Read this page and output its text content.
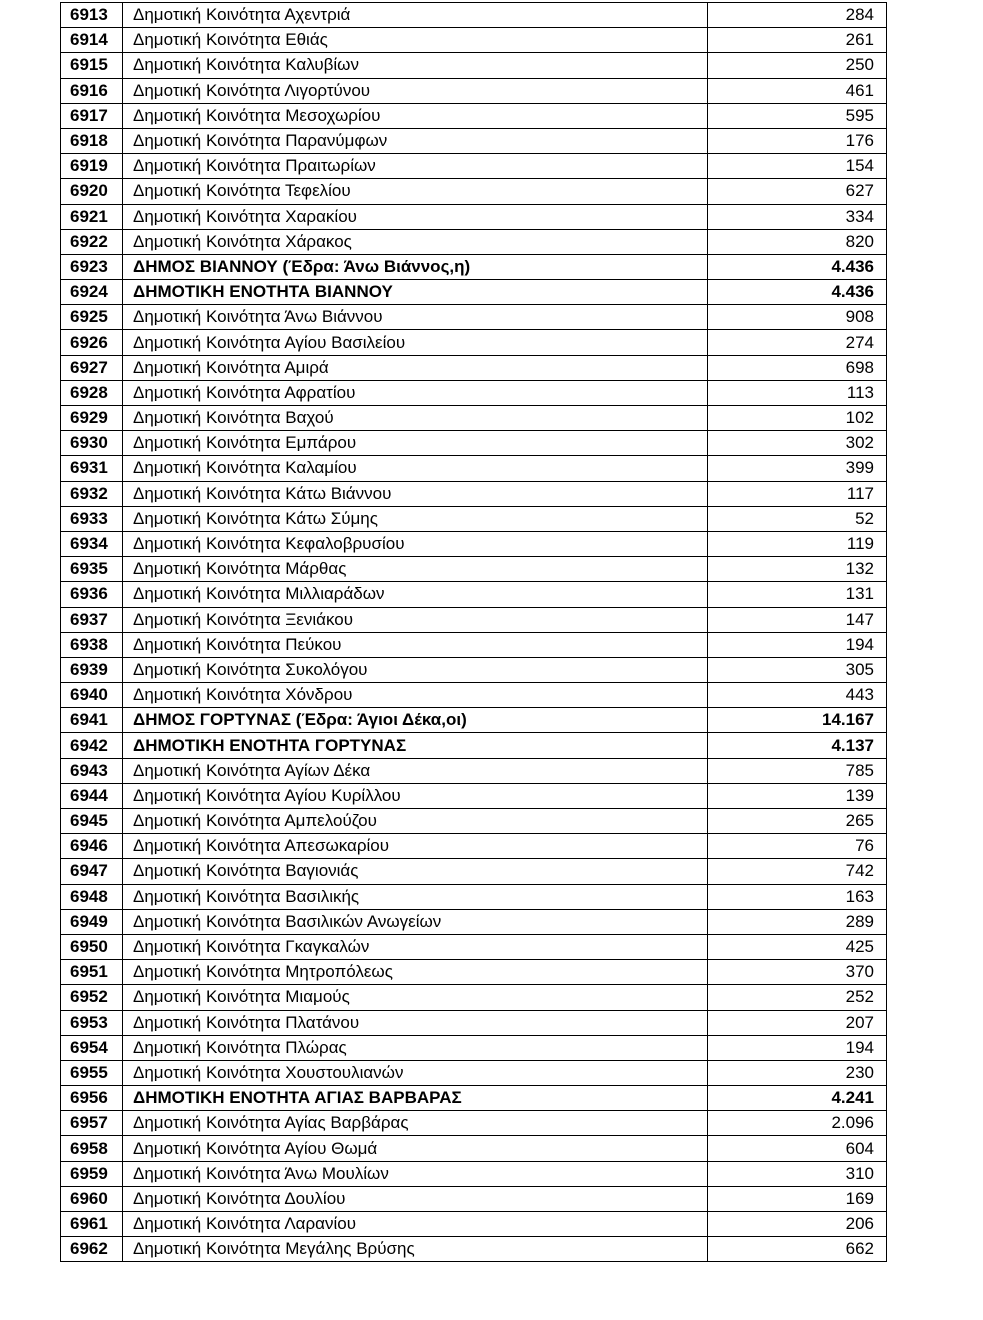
6913	Δημοτική Κοινότητα Αχεντριά	284
6914	Δημοτική Κοινότητα Εθιάς	261
6915	Δημοτική Κοινότητα Καλυβίων	250
6916	Δημοτική Κοινότητα Λιγορτύνου	461
6917	Δημοτική Κοινότητα Μεσοχωρίου	595
6918	Δημοτική Κοινότητα Παρανύμφων	176
6919	Δημοτική Κοινότητα Πραιτωρίων	154
6920	Δημοτική Κοινότητα Τεφελίου	627
6921	Δημοτική Κοινότητα Χαρακίου	334
6922	Δημοτική Κοινότητα Χάρακος	820
6923	ΔΗΜΟΣ ΒΙΑΝΝΟΥ (Έδρα: Άνω Βιάννος,η)	4.436
6924	ΔΗΜΟΤΙΚΗ ΕΝΟΤΗΤΑ ΒΙΑΝΝΟΥ	4.436
6925	Δημοτική Κοινότητα Άνω Βιάννου	908
6926	Δημοτική Κοινότητα Αγίου Βασιλείου	274
6927	Δημοτική Κοινότητα Αμιρά	698
6928	Δημοτική Κοινότητα Αφρατίου	113
6929	Δημοτική Κοινότητα Βαχού	102
6930	Δημοτική Κοινότητα Εμπάρου	302
6931	Δημοτική Κοινότητα Καλαμίου	399
6932	Δημοτική Κοινότητα Κάτω Βιάννου	117
6933	Δημοτική Κοινότητα Κάτω Σύμης	52
6934	Δημοτική Κοινότητα Κεφαλοβρυσίου	119
6935	Δημοτική Κοινότητα Μάρθας	132
6936	Δημοτική Κοινότητα Μιλλιαράδων	131
6937	Δημοτική Κοινότητα Ξενιάκου	147
6938	Δημοτική Κοινότητα Πεύκου	194
6939	Δημοτική Κοινότητα Συκολόγου	305
6940	Δημοτική Κοινότητα Χόνδρου	443
6941	ΔΗΜΟΣ ΓΟΡΤΥΝΑΣ (Έδρα: Άγιοι Δέκα,οι)	14.167
6942	ΔΗΜΟΤΙΚΗ ΕΝΟΤΗΤΑ ΓΟΡΤΥΝΑΣ	4.137
6943	Δημοτική Κοινότητα Αγίων Δέκα	785
6944	Δημοτική Κοινότητα Αγίου Κυρίλλου	139
6945	Δημοτική Κοινότητα Αμπελούζου	265
6946	Δημοτική Κοινότητα Απεσωκαρίου	76
6947	Δημοτική Κοινότητα Βαγιονιάς	742
6948	Δημοτική Κοινότητα Βασιλικής	163
6949	Δημοτική Κοινότητα Βασιλικών Ανωγείων	289
6950	Δημοτική Κοινότητα Γκαγκαλών	425
6951	Δημοτική Κοινότητα Μητροπόλεως	370
6952	Δημοτική Κοινότητα Μιαμούς	252
6953	Δημοτική Κοινότητα Πλατάνου	207
6954	Δημοτική Κοινότητα Πλώρας	194
6955	Δημοτική Κοινότητα Χουστουλιανών	230
6956	ΔΗΜΟΤΙΚΗ ΕΝΟΤΗΤΑ ΑΓΙΑΣ ΒΑΡΒΑΡΑΣ	4.241
6957	Δημοτική Κοινότητα Αγίας Βαρβάρας	2.096
6958	Δημοτική Κοινότητα Αγίου Θωμά	604
6959	Δημοτική Κοινότητα Άνω Μουλίων	310
6960	Δημοτική Κοινότητα Δουλίου	169
6961	Δημοτική Κοινότητα Λαρανίου	206
6962	Δημοτική Κοινότητα Μεγάλης Βρύσης	662
